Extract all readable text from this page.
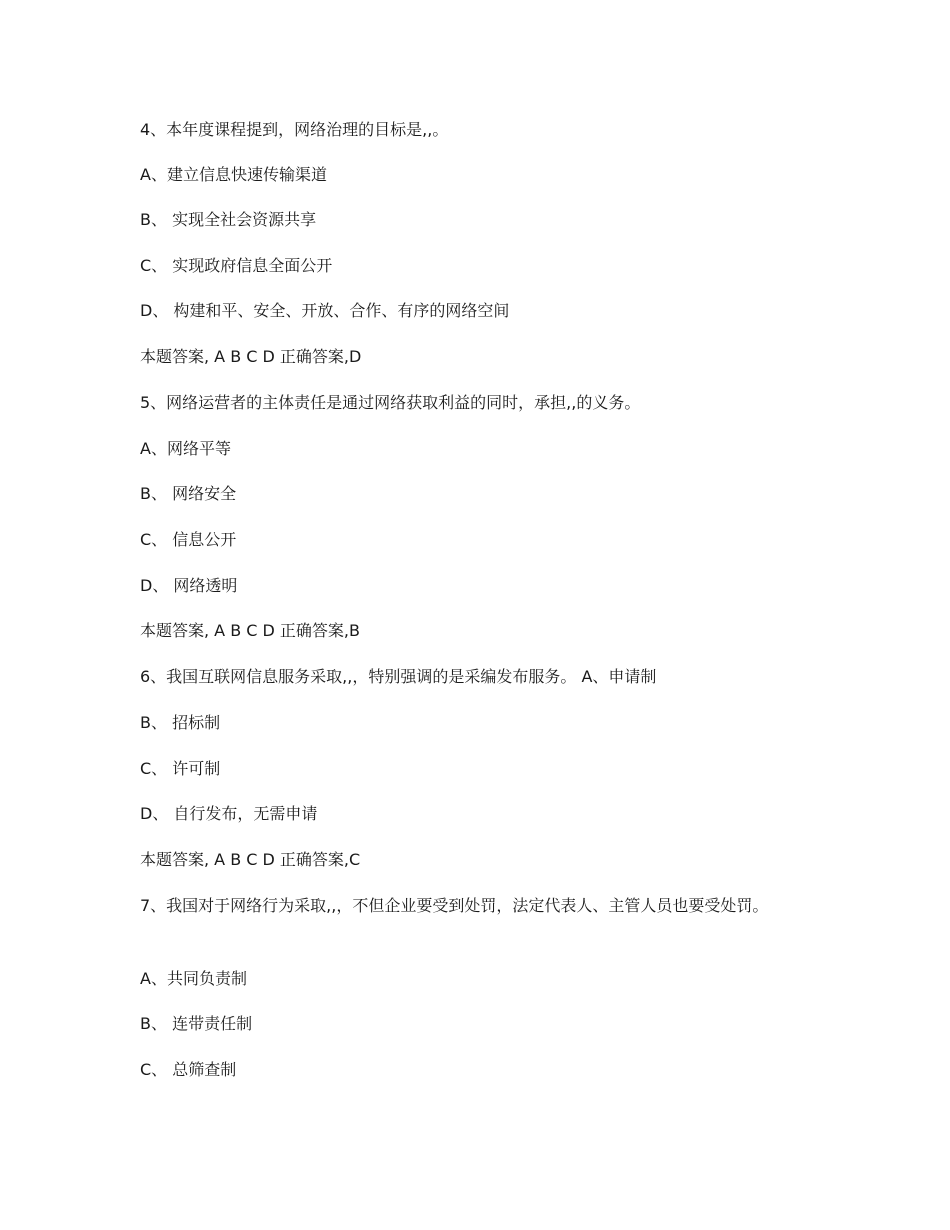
4、本年度课程提到，网络治理的目标是,,。
A、建立信息快速传输渠道
B、 实现全社会资源共享
C、 实现政府信息全面公开
D、 构建和平、安全、开放、合作、有序的网络空间
本题答案, A B C D 正确答案,D
5、网络运营者的主体责任是通过网络获取利益的同时，承担,,的义务。
A、网络平等
B、 网络安全
C、 信息公开
D、 网络透明
本题答案, A B C D 正确答案,B
6、我国互联网信息服务采取,,，特别强调的是采编发布服务。 A、申请制
B、 招标制
C、 许可制
D、 自行发布，无需申请
本题答案, A B C D 正确答案,C
7、我国对于网络行为采取,,，不但企业要受到处罚，法定代表人、主管人员也要受处罚。
A、共同负责制
B、 连带责任制
C、 总筛查制
